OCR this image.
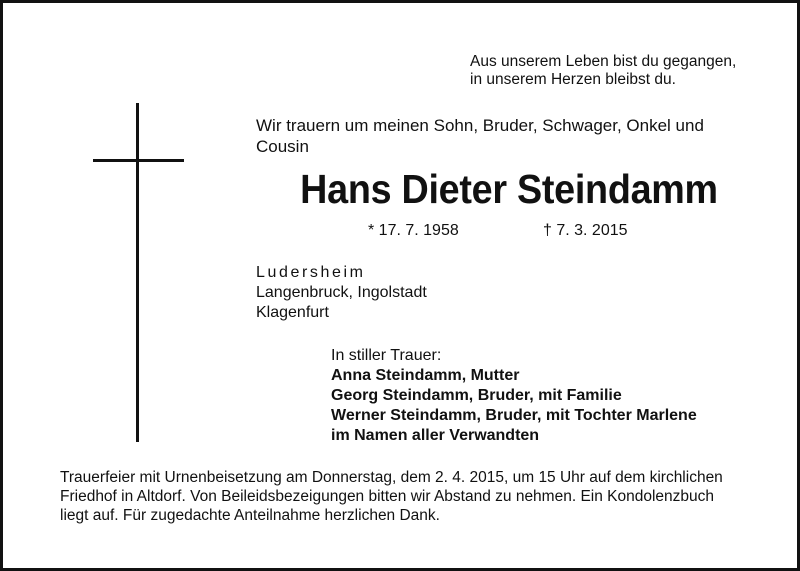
Aus unserem Leben bist du gegangen,
in unserem Herzen bleibst du.
Wir trauern um meinen Sohn, Bruder, Schwager, Onkel und
Cousin
Hans Dieter Steindamm
* 17. 7. 1958	† 7. 3. 2015
Ludersheim
Langenbruck, Ingolstadt
Klagenfurt
In stiller Trauer:
Anna Steindamm, Mutter
Georg Steindamm, Bruder, mit Familie
Werner Steindamm, Bruder, mit Tochter Marlene
im Namen aller Verwandten
Trauerfeier mit Urnenbeisetzung am Donnerstag, dem 2. 4. 2015, um 15 Uhr auf dem kirchlichen
Friedhof in Altdorf. Von Beileidsbezeigungen bitten wir Abstand zu nehmen. Ein Kondolenzbuch
liegt auf. Für zugedachte Anteilnahme herzlichen Dank.
